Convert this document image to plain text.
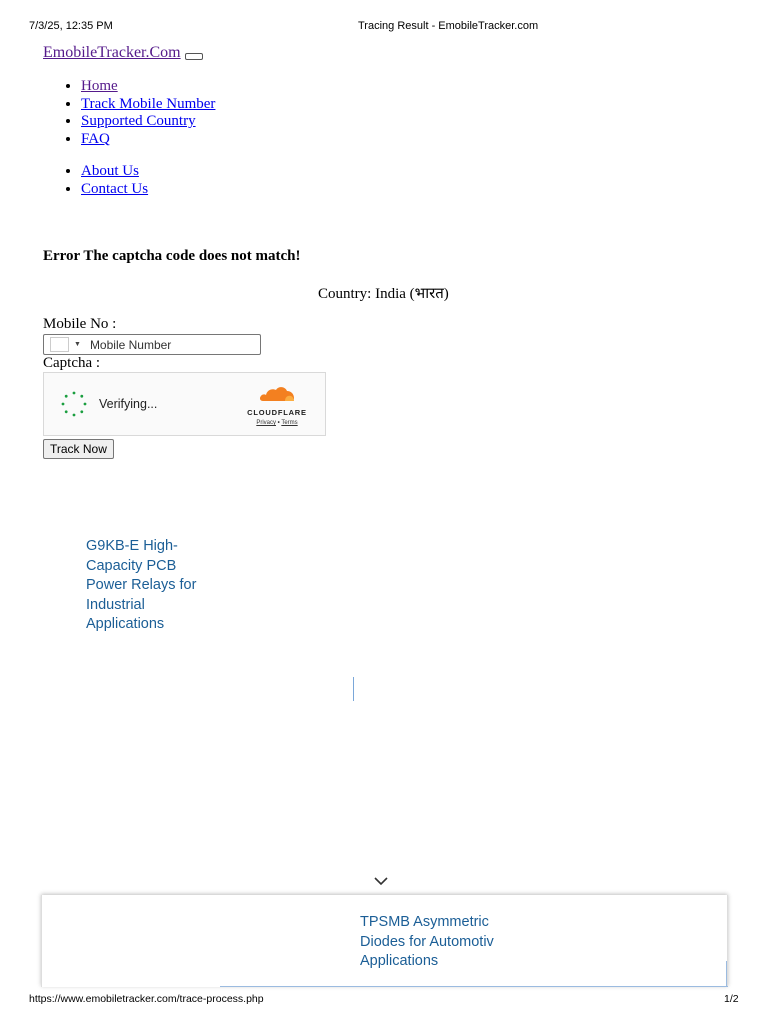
7/3/25, 12:35 PM	Tracing Result - EmobileTracker.com
EmobileTracker.Com
• Home
• Track Mobile Number
• Supported Country
• FAQ
• About Us
• Contact Us
Error The captcha code does not match!
Country: India (भारत)
Mobile No :
▼ Mobile Number
Captcha :
Verifying...
CLOUDFLARE
Privacy • Terms
Track Now
G9KB-E High-Capacity PCB Power Relays for Industrial Applications
TPSMB Asymmetric
Diodes for Automotiv
Applications
https://www.emobiletracker.com/trace-process.php	1/2
